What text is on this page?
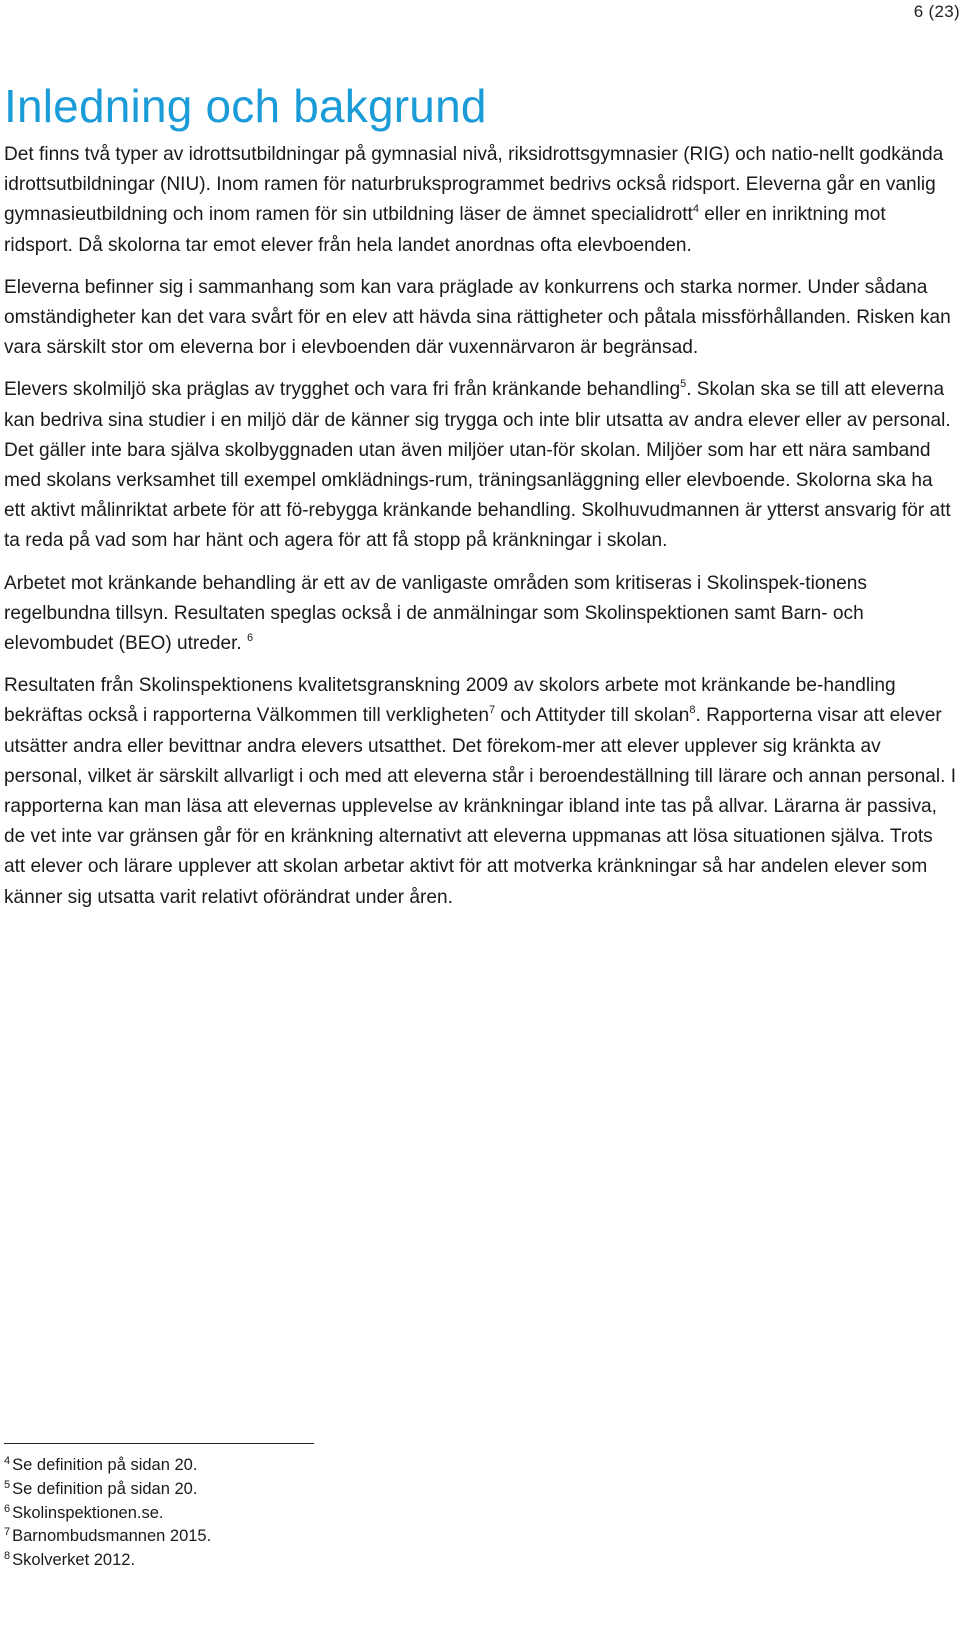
6 (23)
Inledning och bakgrund

Det finns två typer av idrottsutbildningar på gymnasial nivå, riksidrottsgymnasier (RIG) och natio-nellt godkända idrottsutbildningar (NIU). Inom ramen för naturbruksprogrammet bedrivs också ridsport. Eleverna går en vanlig gymnasieutbildning och inom ramen för sin utbildning läser de ämnet specialidrott$^4$ eller en inriktning mot ridsport. Då skolorna tar emot elever från hela landet anordnas ofta elevboenden.

Eleverna befinner sig i sammanhang som kan vara präglade av konkurrens och starka normer. Under sådana omständigheter kan det vara svårt för en elev att hävda sina rättigheter och påtala missförhållanden. Risken kan vara särskilt stor om eleverna bor i elevboenden där vuxennärvaron är begränsad.

Elevers skolmiljö ska präglas av trygghet och vara fri från kränkande behandling$^5$. Skolan ska se till att eleverna kan bedriva sina studier i en miljö där de känner sig trygga och inte blir utsatta av andra elever eller av personal. Det gäller inte bara själva skolbyggnaden utan även miljöer utan-för skolan. Miljöer som har ett nära samband med skolans verksamhet till exempel omklädnings-rum, träningsanläggning eller elevboende. Skolorna ska ha ett aktivt målinriktat arbete för att fö-rebygga kränkande behandling. Skolhuvudmannen är ytterst ansvarig för att ta reda på vad som har hänt och agera för att få stopp på kränkningar i skolan.

Arbetet mot kränkande behandling är ett av de vanligaste områden som kritiseras i Skolinspek-tionens regelbundna tillsyn. Resultaten speglas också i de anmälningar som Skolinspektionen samt Barn- och elevombudet (BEO) utreder. $^6$

Resultaten från Skolinspektionens kvalitetsgranskning 2009 av skolors arbete mot kränkande be-handling bekräftas också i rapporterna Välkommen till verkligheten$^7$ och Attityder till skolan$^8$. Rapporterna visar att elever utsätter andra eller bevittnar andra elevers utsatthet. Det förekom-mer att elever upplever sig kränkta av personal, vilket är särskilt allvarligt i och med att eleverna står i beroendeställning till lärare och annan personal. I rapporterna kan man läsa att elevernas upplevelse av kränkningar ibland inte tas på allvar. Lärarna är passiva, de vet inte var gränsen går för en kränkning alternativt att eleverna uppmanas att lösa situationen själva. Trots att elever och lärare upplever att skolan arbetar aktivt för att motverka kränkningar så har andelen elever som känner sig utsatta varit relativt oförändrat under åren.

$^4$ Se definition på sidan 20.
$^5$ Se definition på sidan 20.
$^6$ Skolinspektionen.se.
$^7$ Barnombudsmannen 2015.
$^8$ Skolverket 2012.
